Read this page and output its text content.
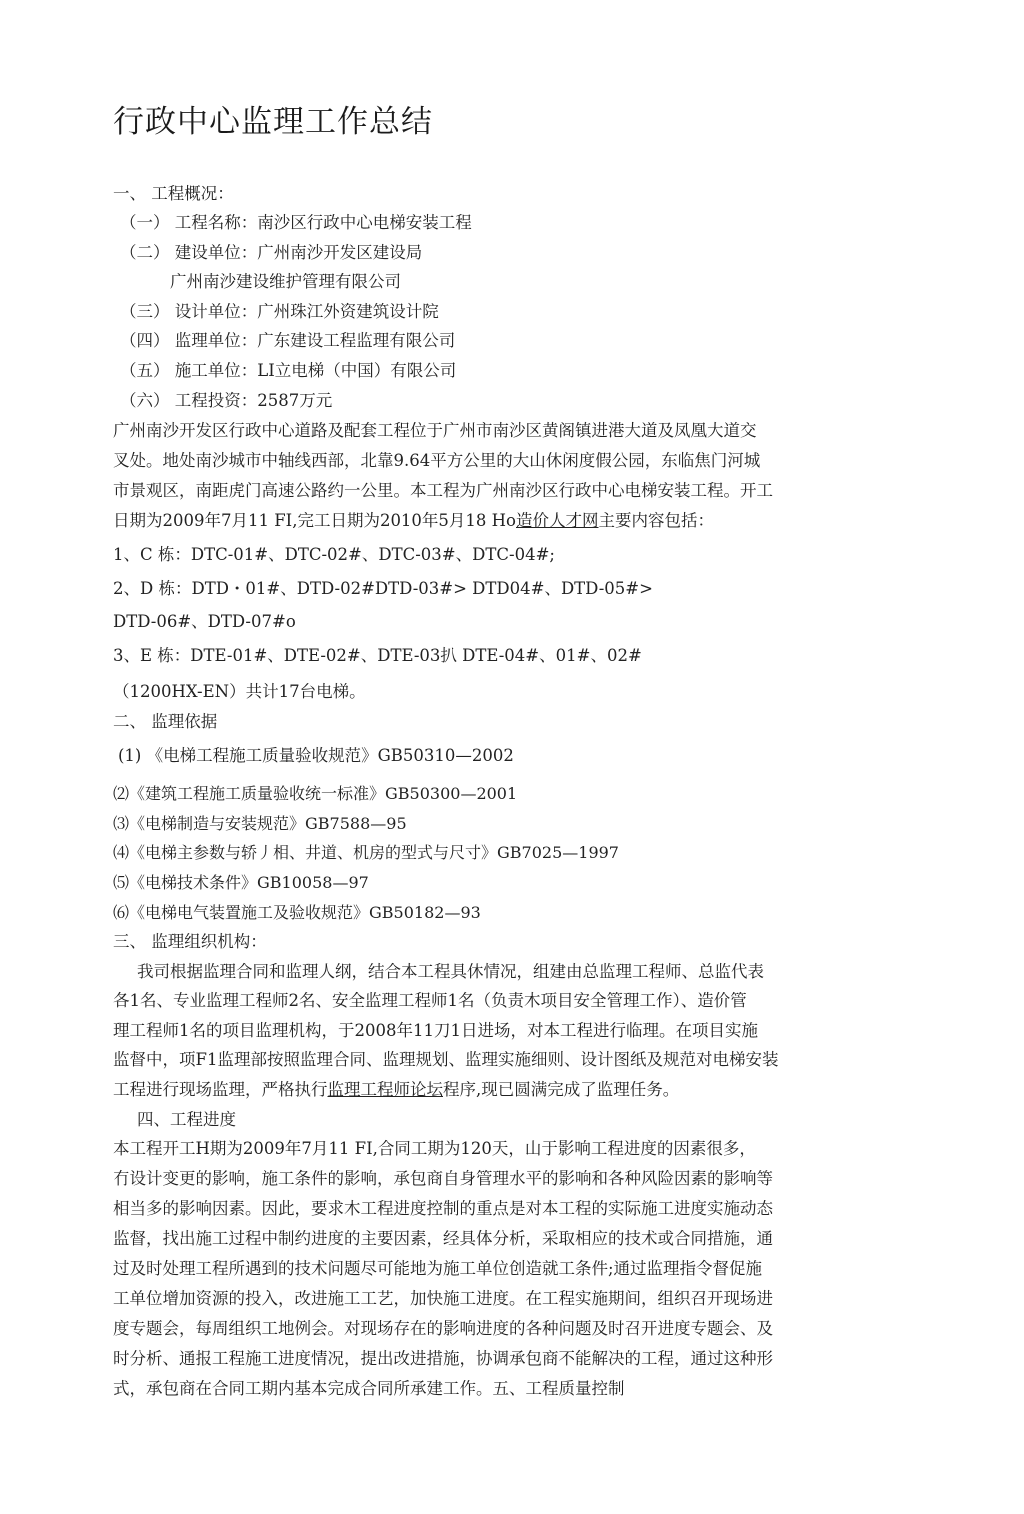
行政中心监理工作总结
一、 工程概况：
（一） 工程名称：南沙区行政中心电梯安装工程
（二） 建设单位：广州南沙开发区建设局
广州南沙建设维护管理有限公司
（三） 设计单位：广州珠江外资建筑设计院
（四） 监理单位：广东建设工程监理有限公司
（五） 施工单位：LI立电梯（中国）有限公司
（六） 工程投资：2587万元
广州南沙开发区行政中心道路及配套工程位于广州市南沙区黄阁镇进港大道及凤凰大道交
叉处。地处南沙城市中轴线西部，北靠9.64平方公里的大山休闲度假公园，东临焦门河城
市景观区，南距虎门高速公路约一公里。本工程为广州南沙区行政中心电梯安装工程。开工
日期为2009年7月11 FI,完工日期为2010年5月18 Ho造价人才网主要内容包括：
1、C 栋：DTC-01#、DTC-02#、DTC-03#、DTC-04#;
2、D 栋：DTD・01#、DTD-02#DTD-03#> DTD04#、DTD-05#>
DTD-06#、DTD-07#o
3、E 栋：DTE-01#、DTE-02#、DTE-03扒 DTE-04#、01#、02#
（1200HX-EN）共计17台电梯。
二、 监理依据
(1) 《电梯工程施工质量验收规范》GB50310—2002
⑵《建筑工程施工质量验收统一标准》GB50300—2001
⑶《电梯制造与安装规范》GB7588—95
⑷《电梯主参数与轿丿相、井道、机房的型式与尺寸》GB7025—1997
⑸《电梯技术条件》GB10058—97
⑹《电梯电气装置施工及验收规范》GB50182—93
三、 监理组织机构：
我司根据监理合同和监理人纲，结合本工程具休情况，组建由总监理工程师、总监代表
各1名、专业监理工程师2名、安全监理工程师1名（负责木项目安全管理工作）、造价管
理工程师1名的项目监理机构，于2008年11刀1日进场，对本工程进行临理。在项目实施
监督中，项F1监理部按照监理合同、监理规划、监理实施细则、设计图纸及规范对电梯安装
工程进行现场监理，严格执行监理工程师论坛程序,现已圆满完成了监理任务。
四、工程进度
本工程开工H期为2009年7月11 FI,合同工期为120天，山于影响工程进度的因素很多，
冇设计变更的影响，施工条件的影响，承包商自身管理水平的影响和各种风险因素的影响等
相当多的影响因素。因此，要求木工程进度控制的重点是对本工程的实际施工进度实施动态
监督，找出施工过程中制约进度的主要因素，经具体分析，采取相应的技术或合同措施，通
过及时处理工程所遇到的技术问题尽可能地为施工单位创造就工条件;通过监理指令督促施
工单位增加资源的投入，改进施工工艺，加快施工进度。在工程实施期间，组织召开现场进
度专题会，每周组织工地例会。对现场存在的影响进度的各种问题及时召开进度专题会、及
时分析、通报工程施工进度情况，提出改进措施，协调承包商不能解决的工程，通过这种形
式，承包商在合同工期内基本完成合同所承建工作。五、工程质量控制
